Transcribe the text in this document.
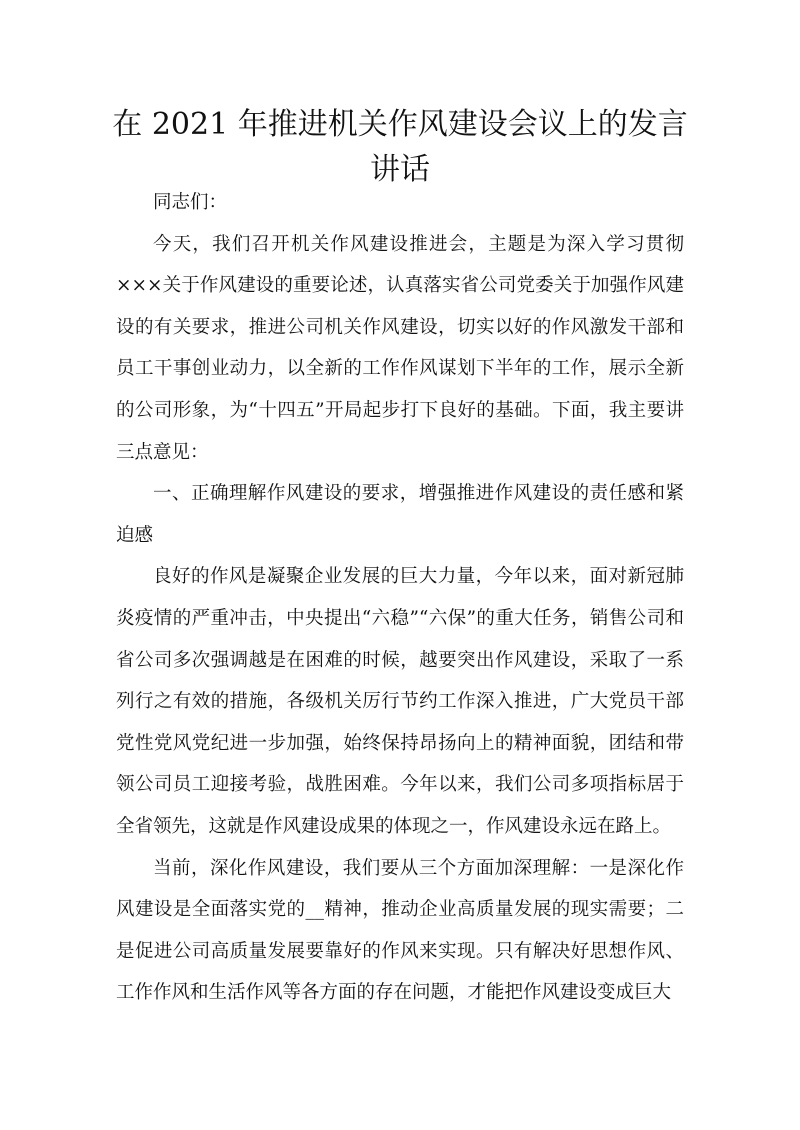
在 2021 年推进机关作风建设会议上的发言讲话

同志们：

今天，我们召开机关作风建设推进会，主题是为深入学习贯彻×××关于作风建设的重要论述，认真落实省公司党委关于加强作风建设的有关要求，推进公司机关作风建设，切实以好的作风激发干部和员工干事创业动力，以全新的工作作风谋划下半年的工作，展示全新的公司形象，为“十四五”开局起步打下良好的基础。下面，我主要讲三点意见：

一、正确理解作风建设的要求，增强推进作风建设的责任感和紧迫感

良好的作风是凝聚企业发展的巨大力量，今年以来，面对新冠肺炎疫情的严重冲击，中央提出“六稳”“六保”的重大任务，销售公司和省公司多次强调越是在困难的时候，越要突出作风建设，采取了一系列行之有效的措施，各级机关厉行节约工作深入推进，广大党员干部党性党风党纪进一步加强，始终保持昂扬向上的精神面貌，团结和带领公司员工迎接考验，战胜困难。今年以来，我们公司多项指标居于全省领先，这就是作风建设成果的体现之一，作风建设永远在路上。

当前，深化作风建设，我们要从三个方面加深理解：一是深化作风建设是全面落实党的__精神，推动企业高质量发展的现实需要；二是促进公司高质量发展要靠好的作风来实现。只有解决好思想作风、工作作风和生活作风等各方面的存在问题，才能把作风建设变成巨大
